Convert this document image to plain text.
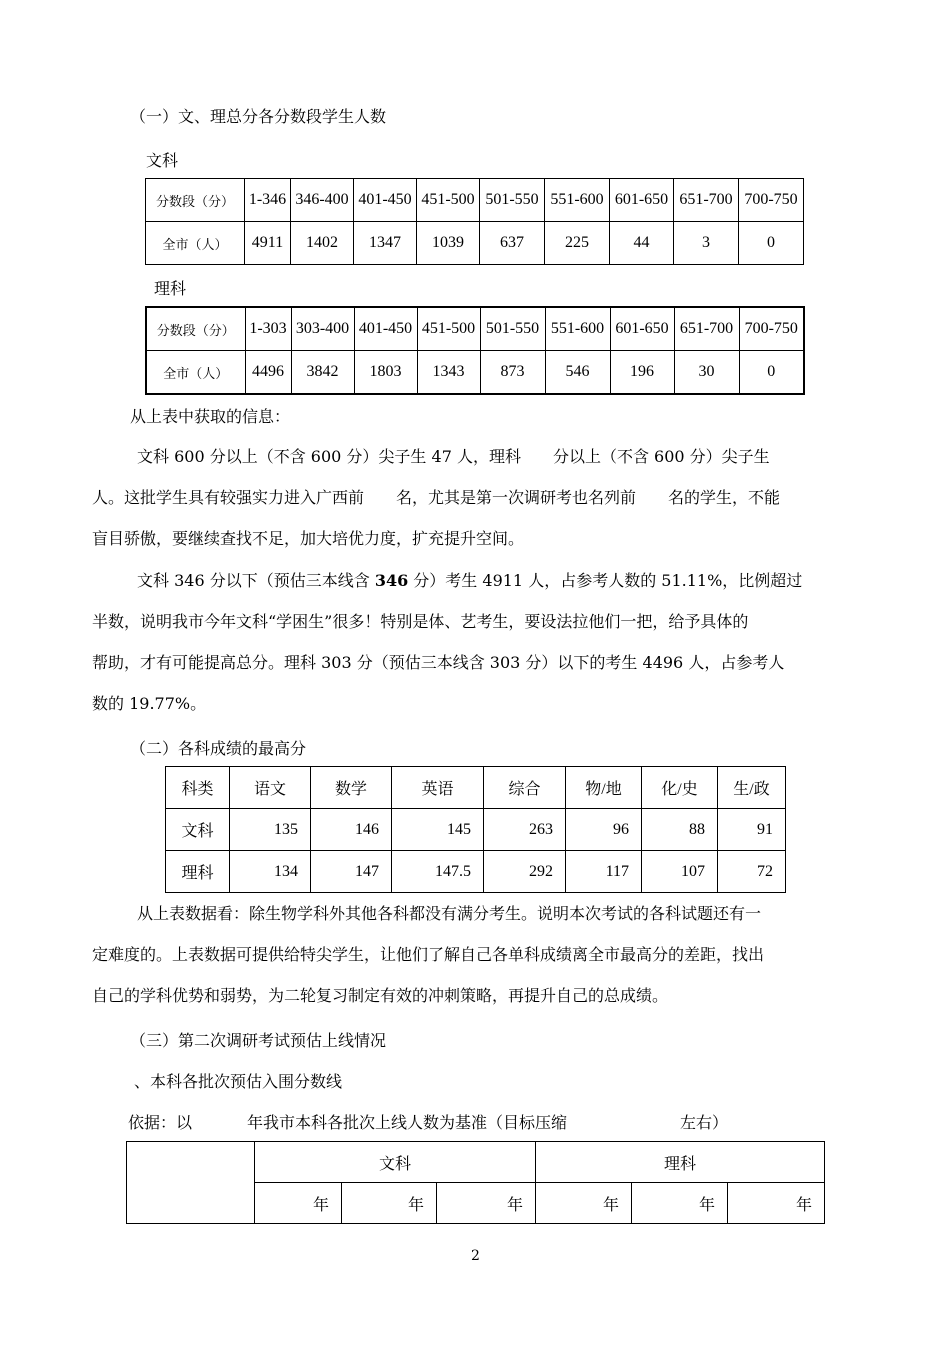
（一）文、理总分各分数段学生人数
文科
分数段（分）	1-346	346-400	401-450	451-500	501-550	551-600	601-650	651-700	700-750
全市（人）	4911	1402	1347	1039	637	225	44	3	0
理科
分数段（分）	1-303	303-400	401-450	451-500	501-550	551-600	601-650	651-700	700-750
全市（人）	4496	3842	1803	1343	873	546	196	30	0
从上表中获取的信息：
文科 600 分以上（不含 600 分）尖子生 47 人，理科　　分以上（不含 600 分）尖子生
人。这批学生具有较强实力进入广西前　　名，尤其是第一次调研考也名列前　　名的学生，不能
盲目骄傲，要继续查找不足，加大培优力度，扩充提升空间。
文科 346 分以下（预估三本线含 346 分）考生 4911 人，占参考人数的 51.11%，比例超过
半数，说明我市今年文科“学困生”很多！特别是体、艺考生，要设法拉他们一把，给予具体的
帮助，才有可能提高总分。理科 303 分（预估三本线含 303 分）以下的考生 4496 人，占参考人
数的 19.77%。
（二）各科成绩的最高分
科类	语文	数学	英语	综合	物/地	化/史	生/政
文科	135	146	145	263	96	88	91
理科	134	147	147.5	292	117	107	72
从上表数据看：除生物学科外其他各科都没有满分考生。说明本次考试的各科试题还有一
定难度的。上表数据可提供给特尖学生，让他们了解自己各单科成绩离全市最高分的差距，找出
自己的学科优势和弱势，为二轮复习制定有效的冲刺策略，再提升自己的总成绩。
（三）第二次调研考试预估上线情况
、本科各批次预估入围分数线
依据：以	年我市本科各批次上线人数为基准（目标压缩	左右）
	文科			理科		
	年	年	年	年	年	年
2
